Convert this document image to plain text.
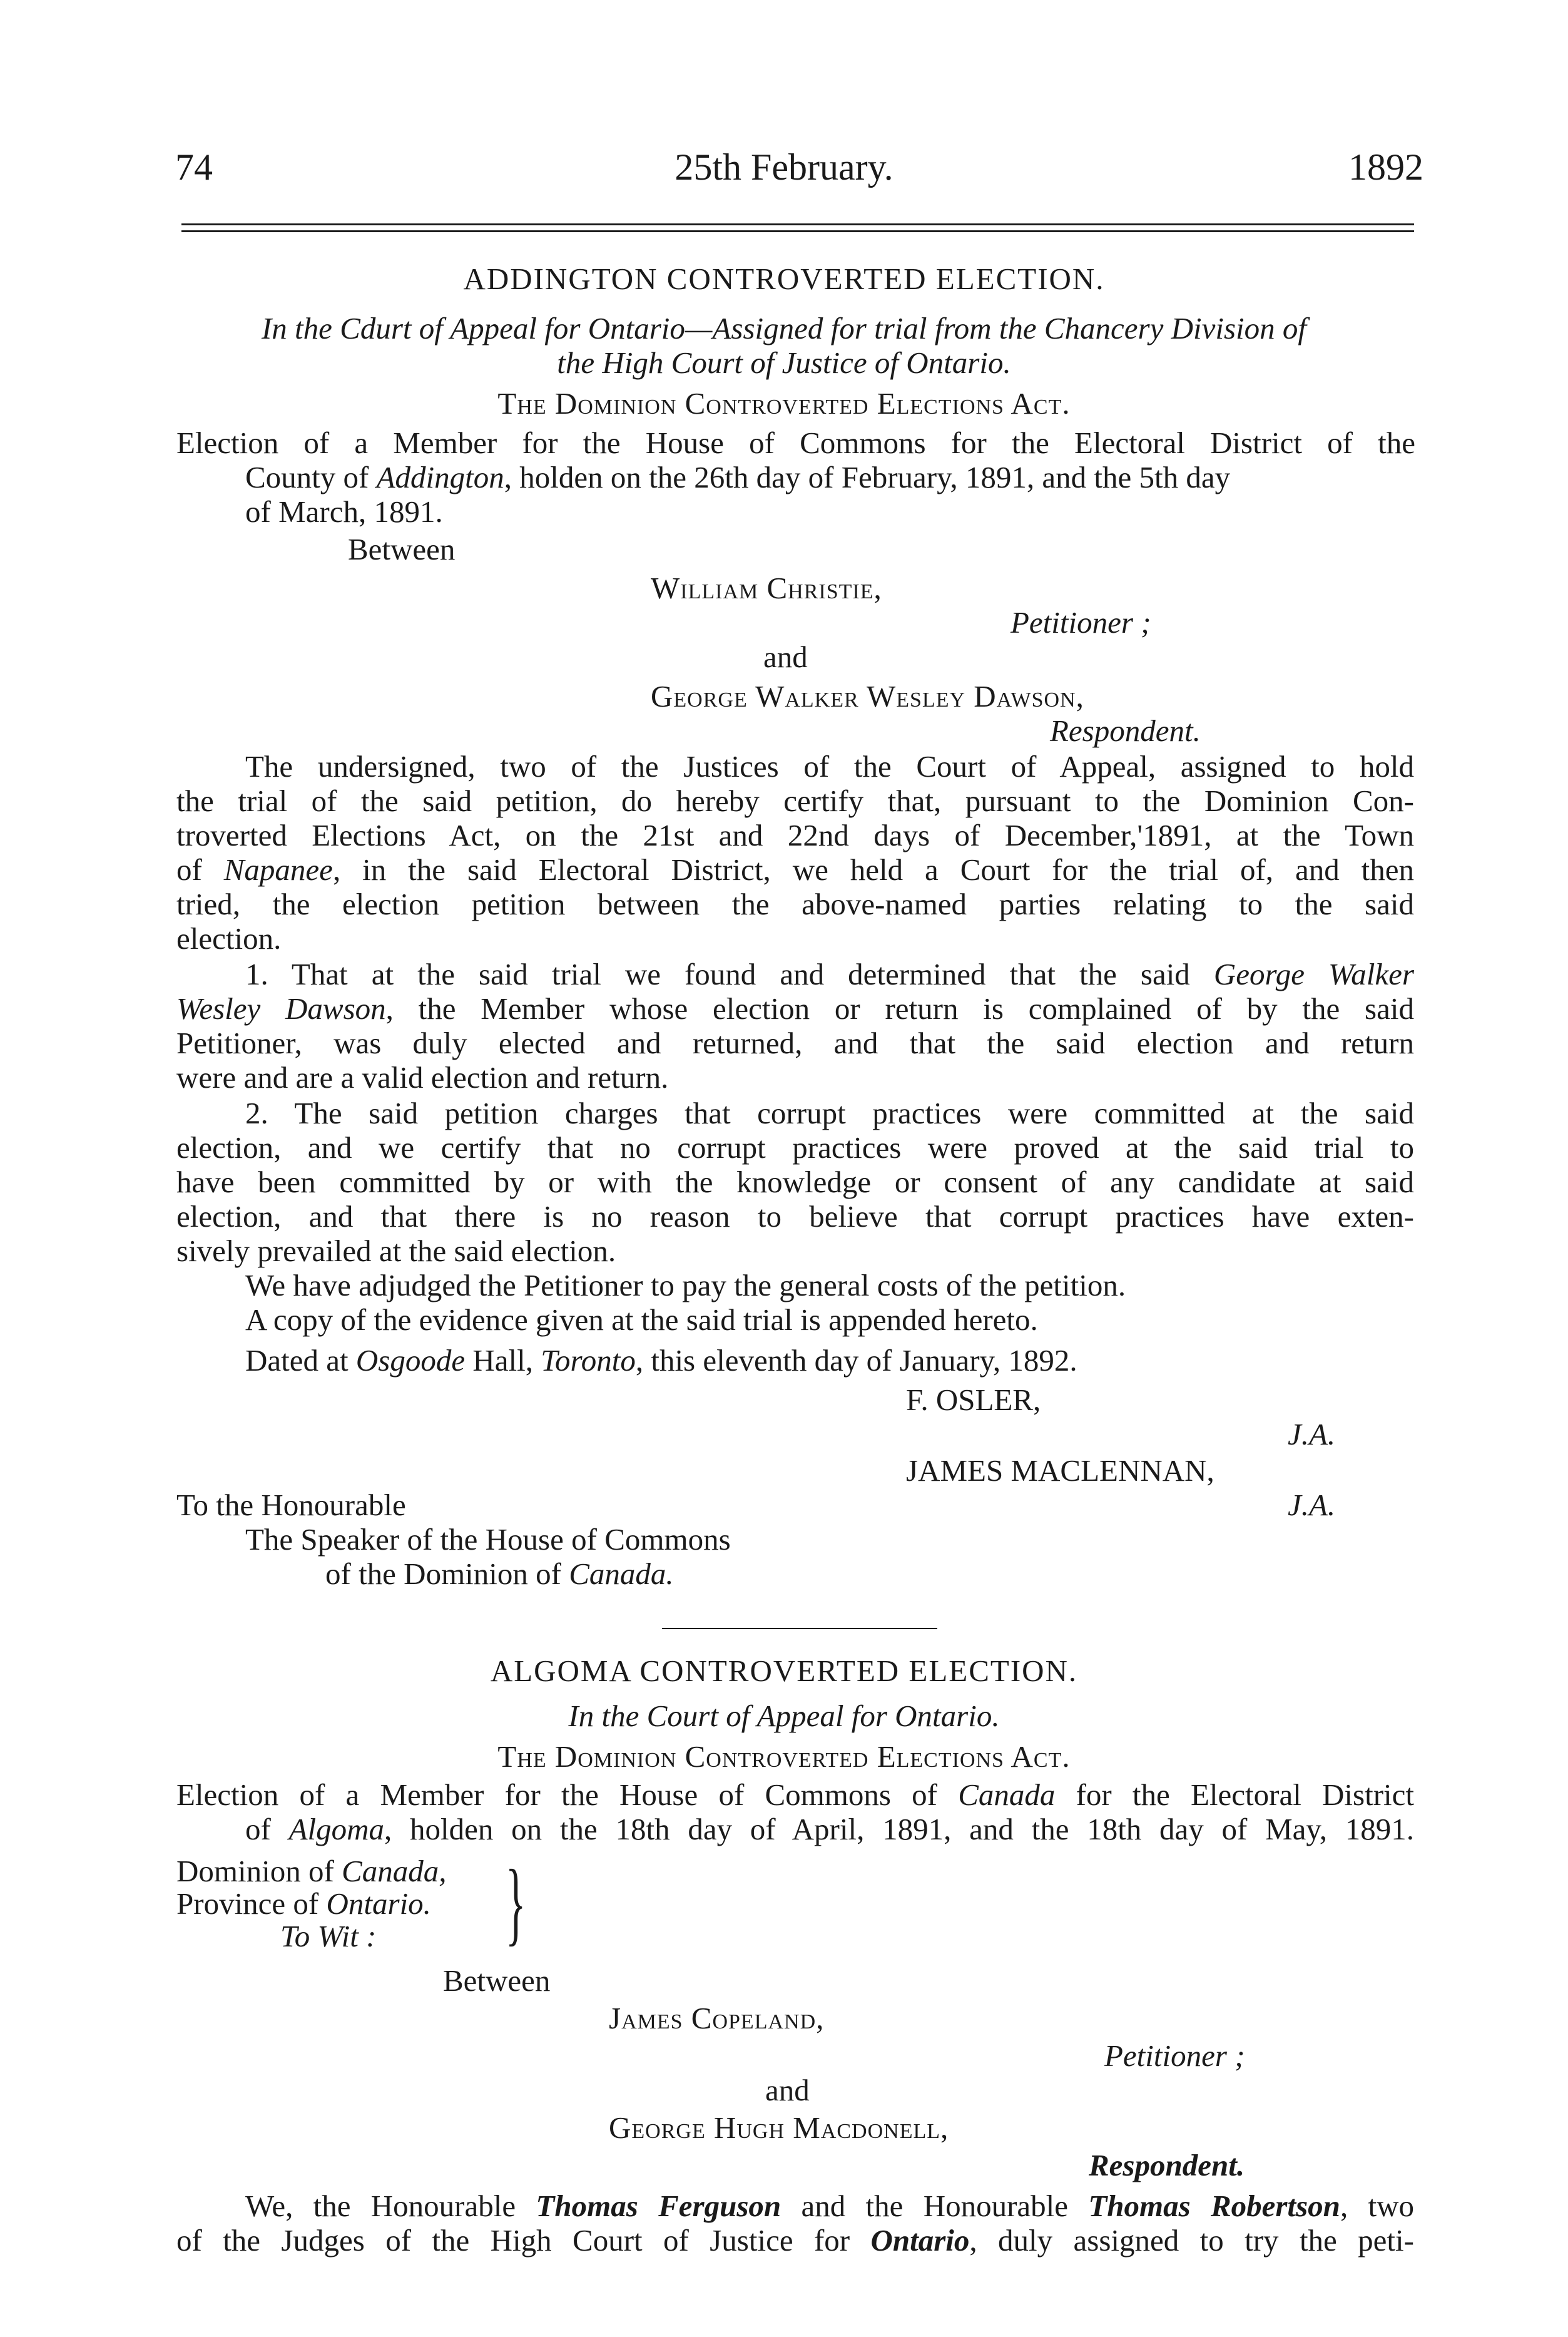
74	25th February.	1892
ADDINGTON CONTROVERTED ELECTION.
In the Cdurt of Appeal for Ontario—Assigned for trial from the Chancery Division of
the High Court of Justice of Ontario.
The Dominion Controverted Elections Act.
Election of a Member for the House of Commons for the Electoral District of the
County of Addington, holden on the 26th day of February, 1891, and the 5th day
of March, 1891.
Between
William Christie,
Petitioner ;
and
George Walker Wesley Dawson,
Respondent.
The undersigned, two of the Justices of the Court of Appeal, assigned to hold
the trial of the said petition, do hereby certify that, pursuant to the Dominion Con-
troverted Elections Act, on the 21st and 22nd days of December,'1891, at the Town
of Napanee, in the said Electoral District, we held a Court for the trial of, and then
tried, the election petition between the above-named parties relating to the said
election.
1. That at the said trial we found and determined that the said George Walker
Wesley Dawson, the Member whose election or return is complained of by the said
Petitioner, was duly elected and returned, and that the said election and return
were and are a valid election and return.
2. The said petition charges that corrupt practices were committed at the said
election, and we certify that no corrupt practices were proved at the said trial to
have been committed by or with the knowledge or consent of any candidate at said
election, and that there is no reason to believe that corrupt practices have exten-
sively prevailed at the said election.
We have adjudged the Petitioner to pay the general costs of the petition.
A copy of the evidence given at the said trial is appended hereto.
Dated at Osgoode Hall, Toronto, this eleventh day of January, 1892.
F. OSLER,
J.A.
JAMES MACLENNAN,
J.A.
To the Honourable
The Speaker of the House of Commons
of the Dominion of Canada.
ALGOMA CONTROVERTED ELECTION.
In the Court of Appeal for Ontario.
The Dominion Controverted Elections Act.
Election of a Member for the House of Commons of Canada for the Electoral District
of Algoma, holden on the 18th day of April, 1891, and the 18th day of May, 1891.
Dominion of Canada,
Province of Ontario.
To Wit : }
Between
James Copeland,
Petitioner ;
and
George Hugh Macdonell,
Respondent.
We, the Honourable Thomas Ferguson and the Honourable Thomas Robertson, two
of the Judges of the High Court of Justice for Ontario, duly assigned to try the peti-
